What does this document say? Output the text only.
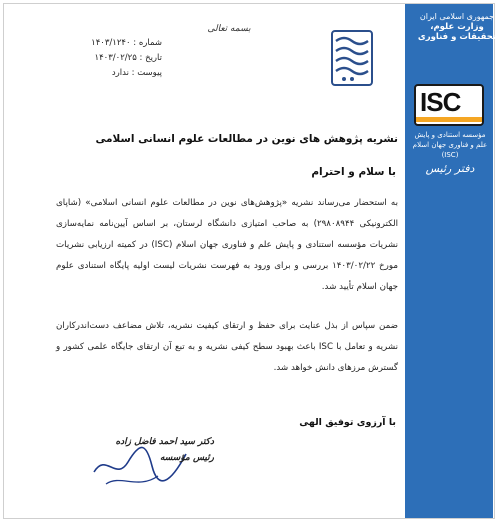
جمهوری اسلامی ایران
وزارت علوم، تحقیقات و فناوری
ISC
مؤسسه استنادی و پایش علم و فناوری جهان اسلام (ISC)
دفتر رئیس
بسمه تعالی
شماره : ۱۴۰۳/۱۲۴۰
تاریخ : ۱۴۰۳/۰۲/۲۵
پیوست : ندارد
نشریه پژوهش های نوین در مطالعات علوم انسانی اسلامی
با سلام و احترام
به استحضار می‌رساند نشریه «پژوهش‌های نوین در مطالعات علوم انسانی اسلامی» (شاپای الکترونیکی ۲۹۸۰۸۹۴۴) به صاحب امتیازی دانشگاه لرستان، بر اساس آیین‌نامه نمایه‌سازی نشریات مؤسسه استنادی و پایش علم و فناوری جهان اسلام (ISC) در کمیته ارزیابی نشریات مورخ ۱۴۰۳/۰۲/۲۲ بررسی و برای ورود به فهرست نشریات لیست اولیه پایگاه استنادی علوم جهان اسلام تأیید شد.
ضمن سپاس از بذل عنایت برای حفظ و ارتقای کیفیت نشریه، تلاش مضاعف دست‌اندرکاران نشریه و تعامل با ISC باعث بهبود سطح کیفی نشریه و به تبع آن ارتقای جایگاه علمی کشور و گسترش مرزهای دانش خواهد شد.
با آرزوی توفیق الهی
دکتر سید احمد فاضل زاده
رئیس مؤسسه
